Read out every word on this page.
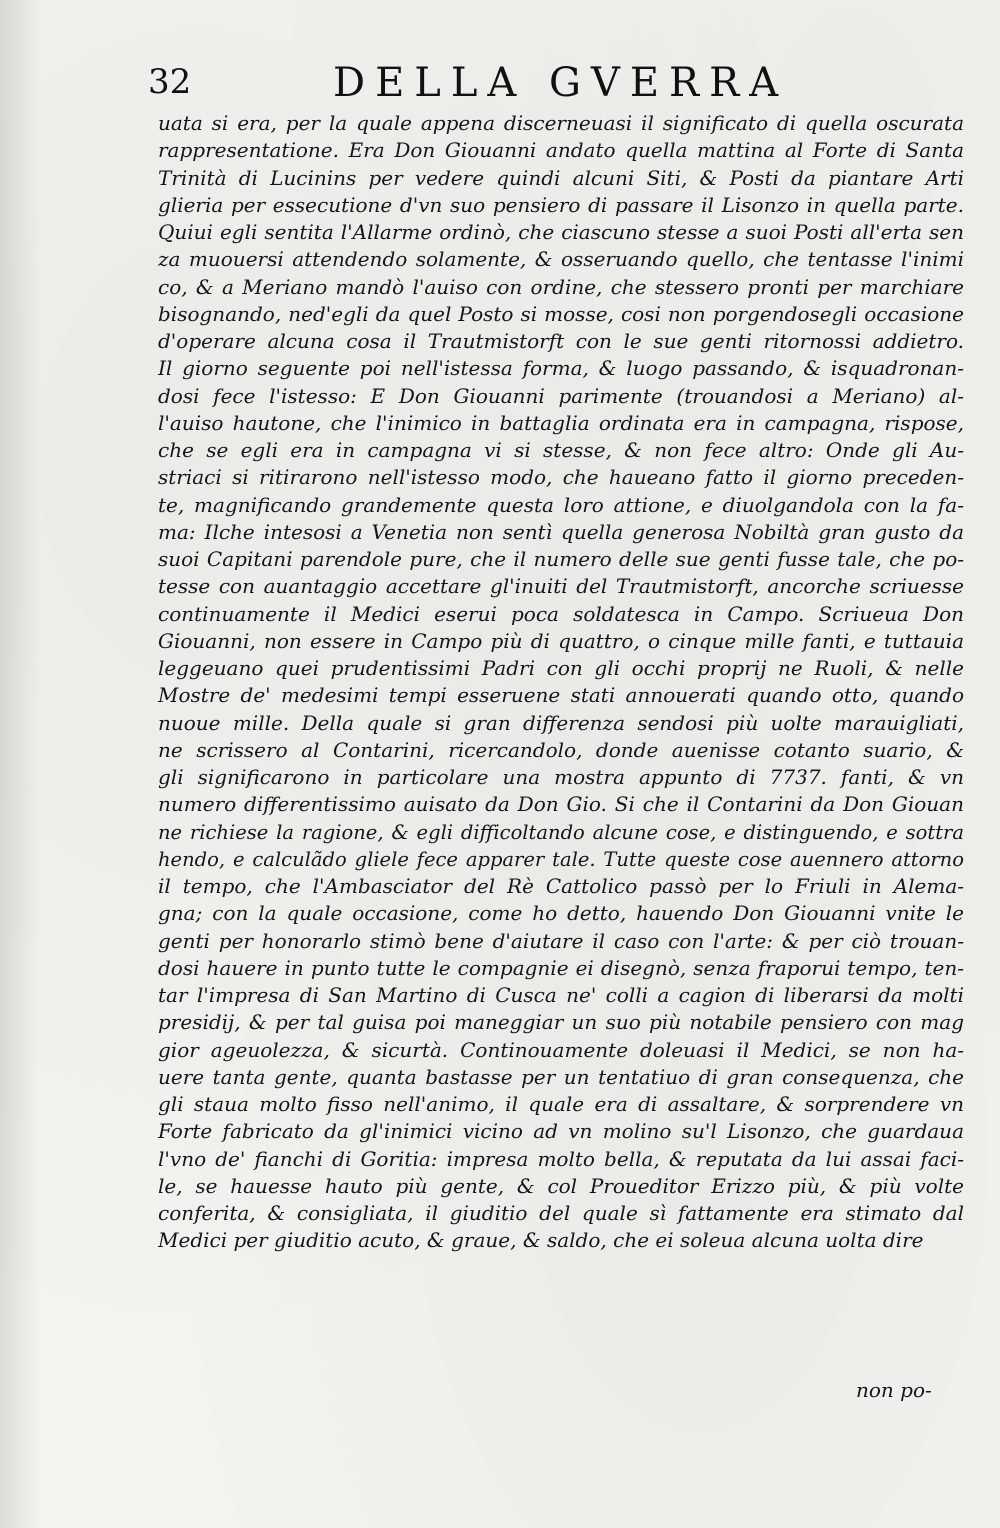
32	DELLA GVERRA
uata si era, per la quale appena discerneuasi il significato di quella oscurata
rappresentatione. Era Don Giouanni andato quella mattina al Forte di Santa
Trinità di Lucinins per vedere quindi alcuni Siti, & Posti da piantare Arti
glieria per essecutione d'vn suo pensiero di passare il Lisonzo in quella parte.
Quiui egli sentita l'Allarme ordinò, che ciascuno stesse a suoi Posti all'erta sen
za muouersi attendendo solamente, & osseruando quello, che tentasse l'inimi
co, & a Meriano mandò l'auiso con ordine, che stessero pronti per marchiare
bisognando, ned'egli da quel Posto si mosse, cosi non porgendosegli occasione
d'operare alcuna cosa il Trautmistorft con le sue genti ritornossi addietro.
Il giorno seguente poi nell'istessa forma, & luogo passando, & isquadronan-
dosi fece l'istesso: E Don Giouanni parimente (trouandosi a Meriano) al-
l'auiso hautone, che l'inimico in battaglia ordinata era in campagna, rispose,
che se egli era in campagna vi si stesse, & non fece altro: Onde gli Au-
striaci si ritirarono nell'istesso modo, che haueano fatto il giorno preceden-
te, magnificando grandemente questa loro attione, e diuolgandola con la fa-
ma: Ilche intesosi a Venetia non sentì quella generosa Nobiltà gran gusto da
suoi Capitani parendole pure, che il numero delle sue genti fusse tale, che po-
tesse con auantaggio accettare gl'inuiti del Trautmistorft, ancorche scriuesse
continuamente il Medici eserui poca soldatesca in Campo. Scriueua Don
Giouanni, non essere in Campo più di quattro, o cinque mille fanti, e tuttauia
leggeuano quei prudentissimi Padri con gli occhi proprij ne Ruoli, & nelle
Mostre de' medesimi tempi esseruene stati annouerati quando otto, quando
nuoue mille. Della quale si gran differenza sendosi più uolte marauigliati,
ne scrissero al Contarini, ricercandolo, donde auenisse cotanto suario, &
gli significarono in particolare una mostra appunto di 7737. fanti, & vn
numero differentissimo auisato da Don Gio. Si che il Contarini da Don Giouan
ne richiese la ragione, & egli difficoltando alcune cose, e distinguendo, e sottra
hendo, e calculãdo gliele fece apparer tale. Tutte queste cose auennero attorno
il tempo, che l'Ambasciator del Rè Cattolico passò per lo Friuli in Alema-
gna; con la quale occasione, come ho detto, hauendo Don Giouanni vnite le
genti per honorarlo stimò bene d'aiutare il caso con l'arte: & per ciò trouan-
dosi hauere in punto tutte le compagnie ei disegnò, senza fraporui tempo, ten-
tar l'impresa di San Martino di Cusca ne' colli a cagion di liberarsi da molti
presidij, & per tal guisa poi maneggiar un suo più notabile pensiero con mag
gior ageuolezza, & sicurtà. Continouamente doleuasi il Medici, se non ha-
uere tanta gente, quanta bastasse per un tentatiuo di gran consequenza, che
gli staua molto fisso nell'animo, il quale era di assaltare, & sorprendere vn
Forte fabricato da gl'inimici vicino ad vn molino su'l Lisonzo, che guardaua
l'vno de' fianchi di Goritia: impresa molto bella, & reputata da lui assai faci-
le, se hauesse hauto più gente, & col Proueditor Erizzo più, & più volte
conferita, & consigliata, il giuditio del quale sì fattamente era stimato dal
Medici per giuditio acuto, & graue, & saldo, che ei soleua alcuna uolta dire
non po-
